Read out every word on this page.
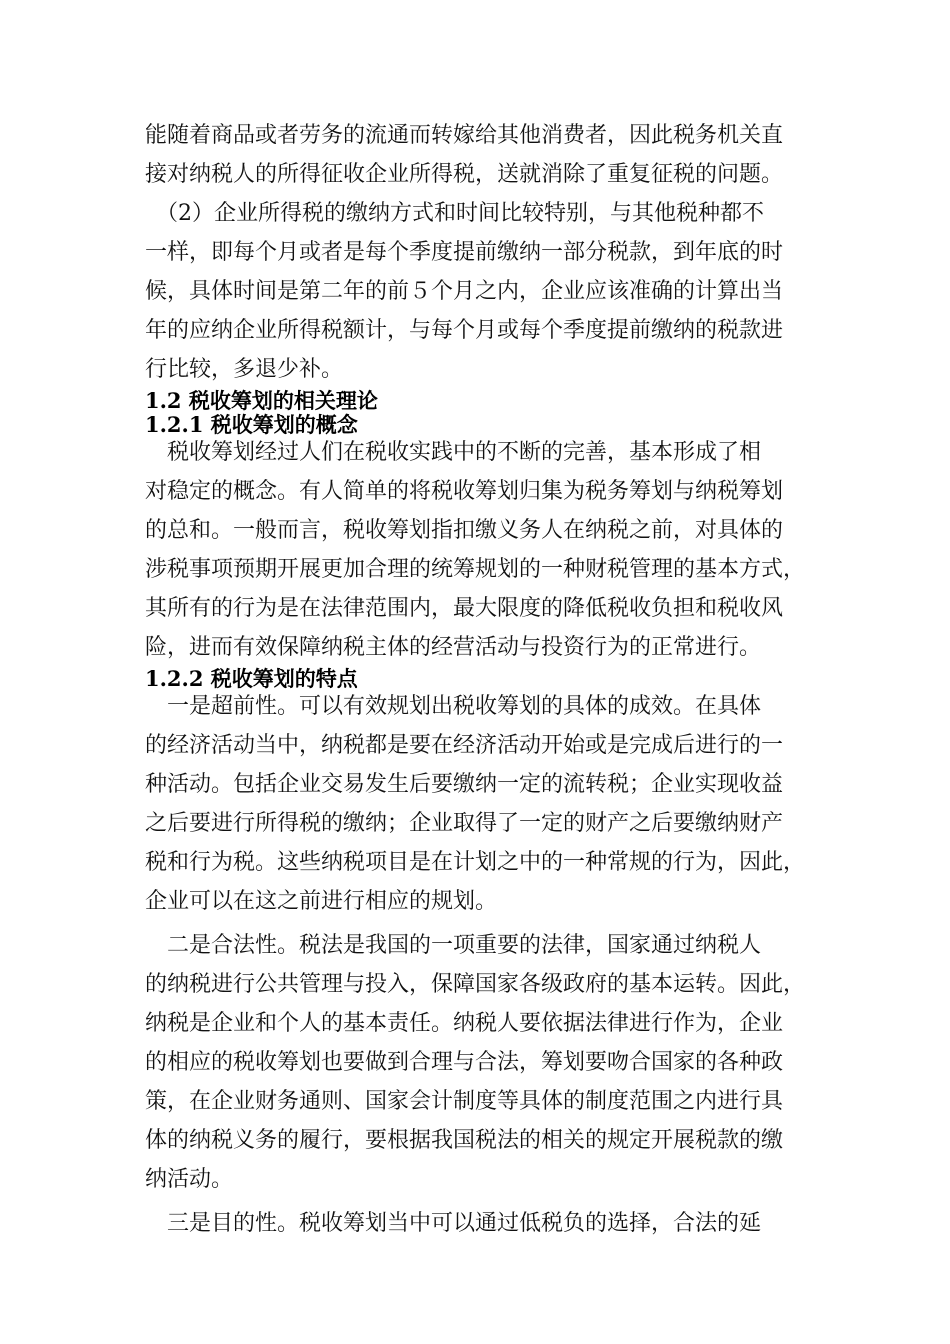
能随着商品或者劳务的流通而转嫁给其他消费者，因此税务机关直
接对纳税人的所得征收企业所得税，送就消除了重复征税的问题。
　（2）企业所得税的缴纳方式和时间比较特别，与其他税种都不
一样，即每个月或者是每个季度提前缴纳一部分税款，到年底的时
候，具体时间是第二年的前５个月之内，企业应该准确的计算出当
年的应纳企业所得税额计，与每个月或每个季度提前缴纳的税款进
行比较，多退少补。
1.2 税收筹划的相关理论
1.2.1 税收筹划的概念
　税收筹划经过人们在税收实践中的不断的完善，基本形成了相
对稳定的概念。有人简单的将税收筹划归集为税务筹划与纳税筹划
的总和。一般而言，税收筹划指扣缴义务人在纳税之前，对具体的
涉税事项预期开展更加合理的统筹规划的一种财税管理的基本方式，
其所有的行为是在法律范围内，最大限度的降低税收负担和税收风
险，进而有效保障纳税主体的经营活动与投资行为的正常进行。
1.2.2 税收筹划的特点
　一是超前性。可以有效规划出税收筹划的具体的成效。在具体
的经济活动当中，纳税都是要在经济活动开始或是完成后进行的一
种活动。包括企业交易发生后要缴纳一定的流转税；企业实现收益
之后要进行所得税的缴纳；企业取得了一定的财产之后要缴纳财产
税和行为税。这些纳税项目是在计划之中的一种常规的行为，因此，
企业可以在这之前进行相应的规划。
　二是合法性。税法是我国的一项重要的法律，国家通过纳税人
的纳税进行公共管理与投入，保障国家各级政府的基本运转。因此，
纳税是企业和个人的基本责任。纳税人要依据法律进行作为，企业
的相应的税收筹划也要做到合理与合法，筹划要吻合国家的各种政
策，在企业财务通则、国家会计制度等具体的制度范围之内进行具
体的纳税义务的履行，要根据我国税法的相关的规定开展税款的缴
纳活动。
　三是目的性。税收筹划当中可以通过低税负的选择，合法的延
